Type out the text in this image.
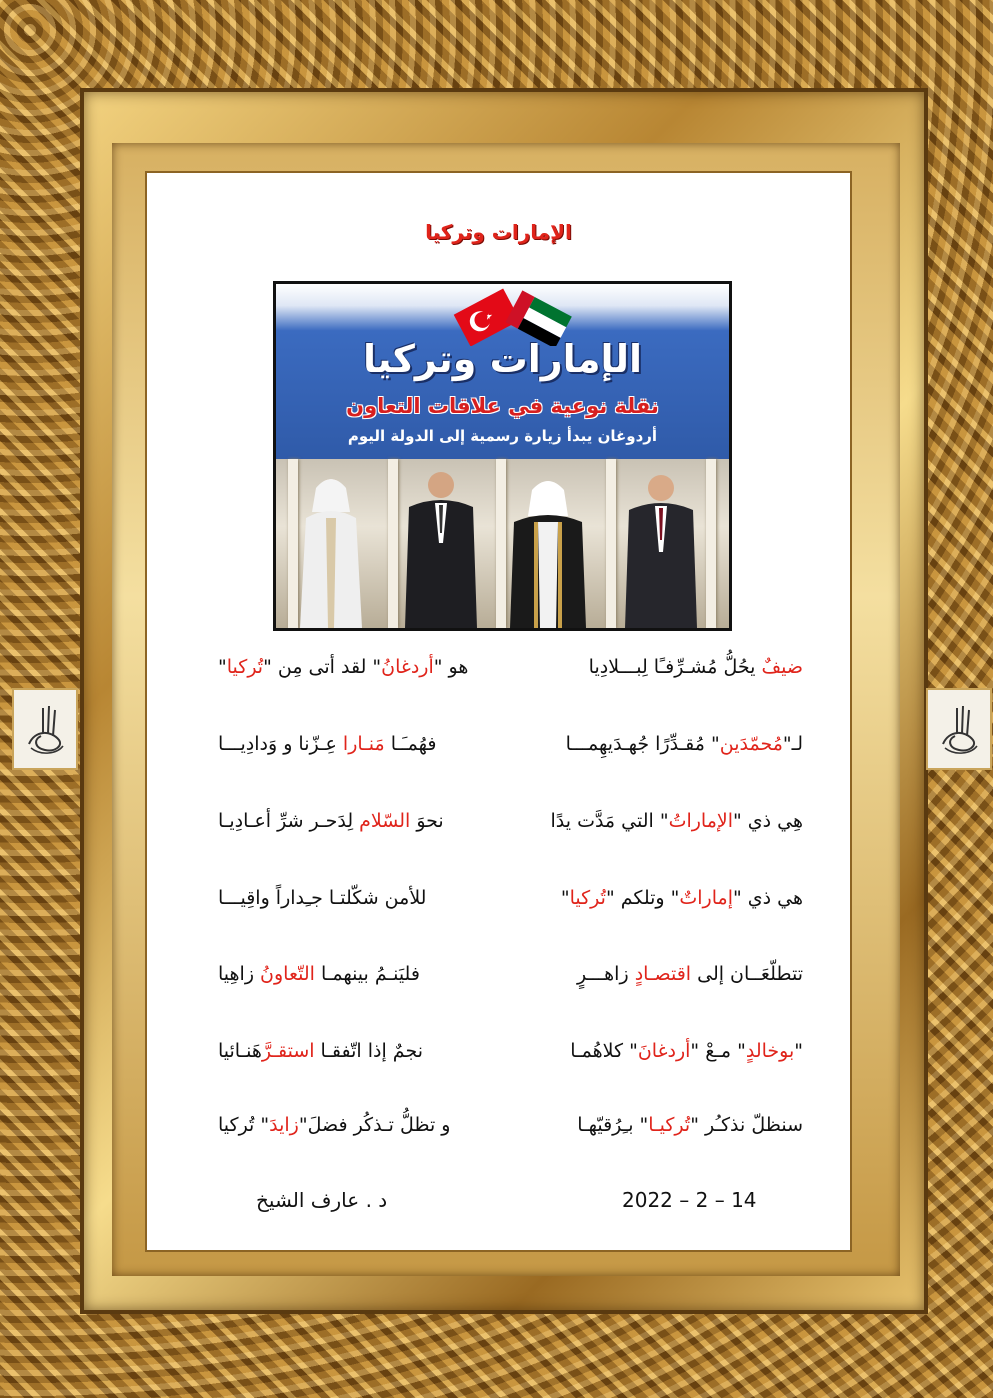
الإمارات وتركيا
الإمارات وتركيا
نقلة نوعية في علاقات التعاون
أردوغان يبدأ زيارة رسمية إلى الدولة اليوم
ضيفٌ يحُلُّ مُشـرِّفـًا لِبـــلادِيا
هو "أردغانُ" لقد أتى مِن "تُركيا"
لـ"مُحمّدَين" مُقـدِّرًا جُهـدَيهِمـــا
فهُمـَـا مَنـارا عِـزّنا و وَدادِيـــا
هِي ذي "الإماراتُ" التي مَدَّت يدًا
نحوَ السّلام لِدَحـر شرِّ أعـادِيـا
هي ذي "إماراتٌ" وتلكم "تُركيا"
للأمن شكّلتـا جـِداراً واقِيـــا
تتطلّعَــان إلى اقتصـادٍ زاهـــرٍ
فليَنـمُ بينهمـا التّعاونُ زاهِيا
"بوخالدٍ" مـعْ "أردغانَ" كلاهُمـا
نجمٌ إذا اتّفقـا استقـرَّهَنـائيا
سنظلّ نذكـُر "تُركيـا" بـِرُقيّهـا
و تظلُّ تـذكُر فضلَ"زايدَ" تُركيا
14 – 2 – 2022
د . عارف الشيخ
